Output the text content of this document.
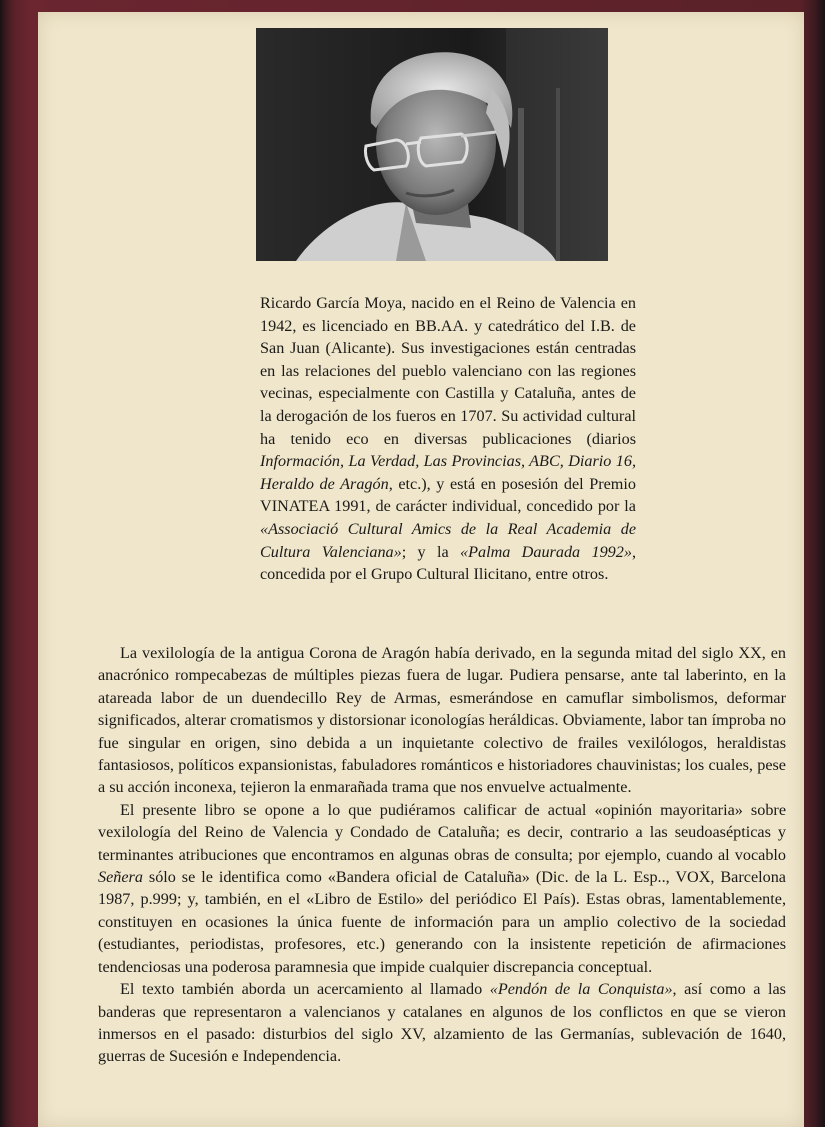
Ricardo García Moya, nacido en el Reino de Valencia en 1942, es licenciado en BB.AA. y catedrático del I.B. de San Juan (Alicante). Sus investigaciones están centradas en las relaciones del pueblo valenciano con las regiones vecinas, especialmente con Castilla y Cataluña, antes de la derogación de los fueros en 1707. Su actividad cultural ha tenido eco en diversas publicaciones (diarios Información, La Verdad, Las Provincias, ABC, Diario 16, Heraldo de Aragón, etc.), y está en posesión del Premio VINATEA 1991, de carácter individual, concedido por la «Associació Cultural Amics de la Real Academia de Cultura Valenciana»; y la «Palma Daurada 1992», concedida por el Grupo Cultural Ilicitano, entre otros.

La vexilología de la antigua Corona de Aragón había derivado, en la segunda mitad del siglo XX, en anacrónico rompecabezas de múltiples piezas fuera de lugar. Pudiera pensarse, ante tal laberinto, en la atareada labor de un duendecillo Rey de Armas, esmerándose en camuflar simbolismos, deformar significados, alterar cromatismos y distorsionar iconologías heráldicas. Obviamente, labor tan ímproba no fue singular en origen, sino debida a un inquietante colectivo de frailes vexilólogos, heraldistas fantasiosos, políticos expansionistas, fabuladores románticos e historiadores chauvinistas; los cuales, pese a su acción inconexa, tejieron la enmarañada trama que nos envuelve actualmente.

El presente libro se opone a lo que pudiéramos calificar de actual «opinión mayoritaria» sobre vexilología del Reino de Valencia y Condado de Cataluña; es decir, contrario a las seudoasépticas y terminantes atribuciones que encontramos en algunas obras de consulta; por ejemplo, cuando al vocablo Señera sólo se le identifica como «Bandera oficial de Cataluña» (Dic. de la L. Esp.., VOX, Barcelona 1987, p.999; y, también, en el «Libro de Estilo» del periódico El País). Estas obras, lamentablemente, constituyen en ocasiones la única fuente de información para un amplio colectivo de la sociedad (estudiantes, periodistas, profesores, etc.) generando con la insistente repetición de afirmaciones tendenciosas una poderosa paramnesia que impide cualquier discrepancia conceptual.

El texto también aborda un acercamiento al llamado «Pendón de la Conquista», así como a las banderas que representaron a valencianos y catalanes en algunos de los conflictos en que se vieron inmersos en el pasado: disturbios del siglo XV, alzamiento de las Germanías, sublevación de 1640, guerras de Sucesión e Independencia.
